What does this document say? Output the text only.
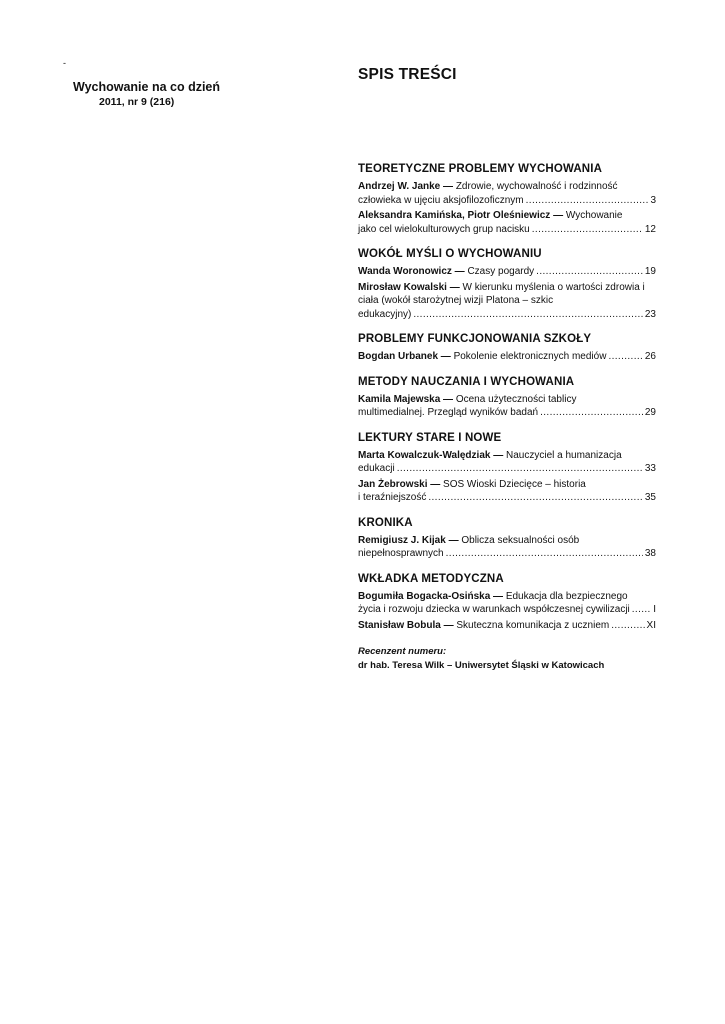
-
Wychowanie na co dzień
2011, nr 9 (216)
SPIS TREŚCI
TEORETYCZNE PROBLEMY WYCHOWANIA
Andrzej W. Janke — Zdrowie, wychowalność i rodzinność
człowieka w ujęciu aksjofilozoficznym . . .	3
Aleksandra Kamińska, Piotr Oleśniewicz — Wychowanie
jako cel wielokulturowych grup nacisku . . .	12
WOKÓŁ MYŚLI O WYCHOWANIU
Wanda Woronowicz — Czasy pogardy . . .	19
Mirosław Kowalski — W kierunku myślenia o wartości zdrowia i ciała (wokół starożytnej wizji Platona – szkic
edukacyjny) . . .	23
PROBLEMY FUNKCJONOWANIA SZKOŁY
Bogdan Urbanek — Pokolenie elektronicznych mediów . . .	26
METODY NAUCZANIA I WYCHOWANIA
Kamila Majewska — Ocena użyteczności tablicy
multimedialnej. Przegląd wyników badań . . .	29
LEKTURY STARE I NOWE
Marta Kowalczuk-Walędziak — Nauczyciel a humanizacja
edukacji . . .	33
Jan Żebrowski — SOS Wioski Dziecięce – historia
i teraźniejszość . . .	35
KRONIKA
Remigiusz J. Kijak — Oblicza seksualności osób
niepełnosprawnych . . .	38
WKŁADKA METODYCZNA
Bogumiła Bogacka-Osińska — Edukacja dla bezpiecznego
życia i rozwoju dziecka w warunkach współczesnej cywilizacji . . . I
Stanisław Bobula — Skuteczna komunikacja z uczniem . . .	XI
Recenzent numeru:
dr hab. Teresa Wilk – Uniwersytet Śląski w Katowicach
